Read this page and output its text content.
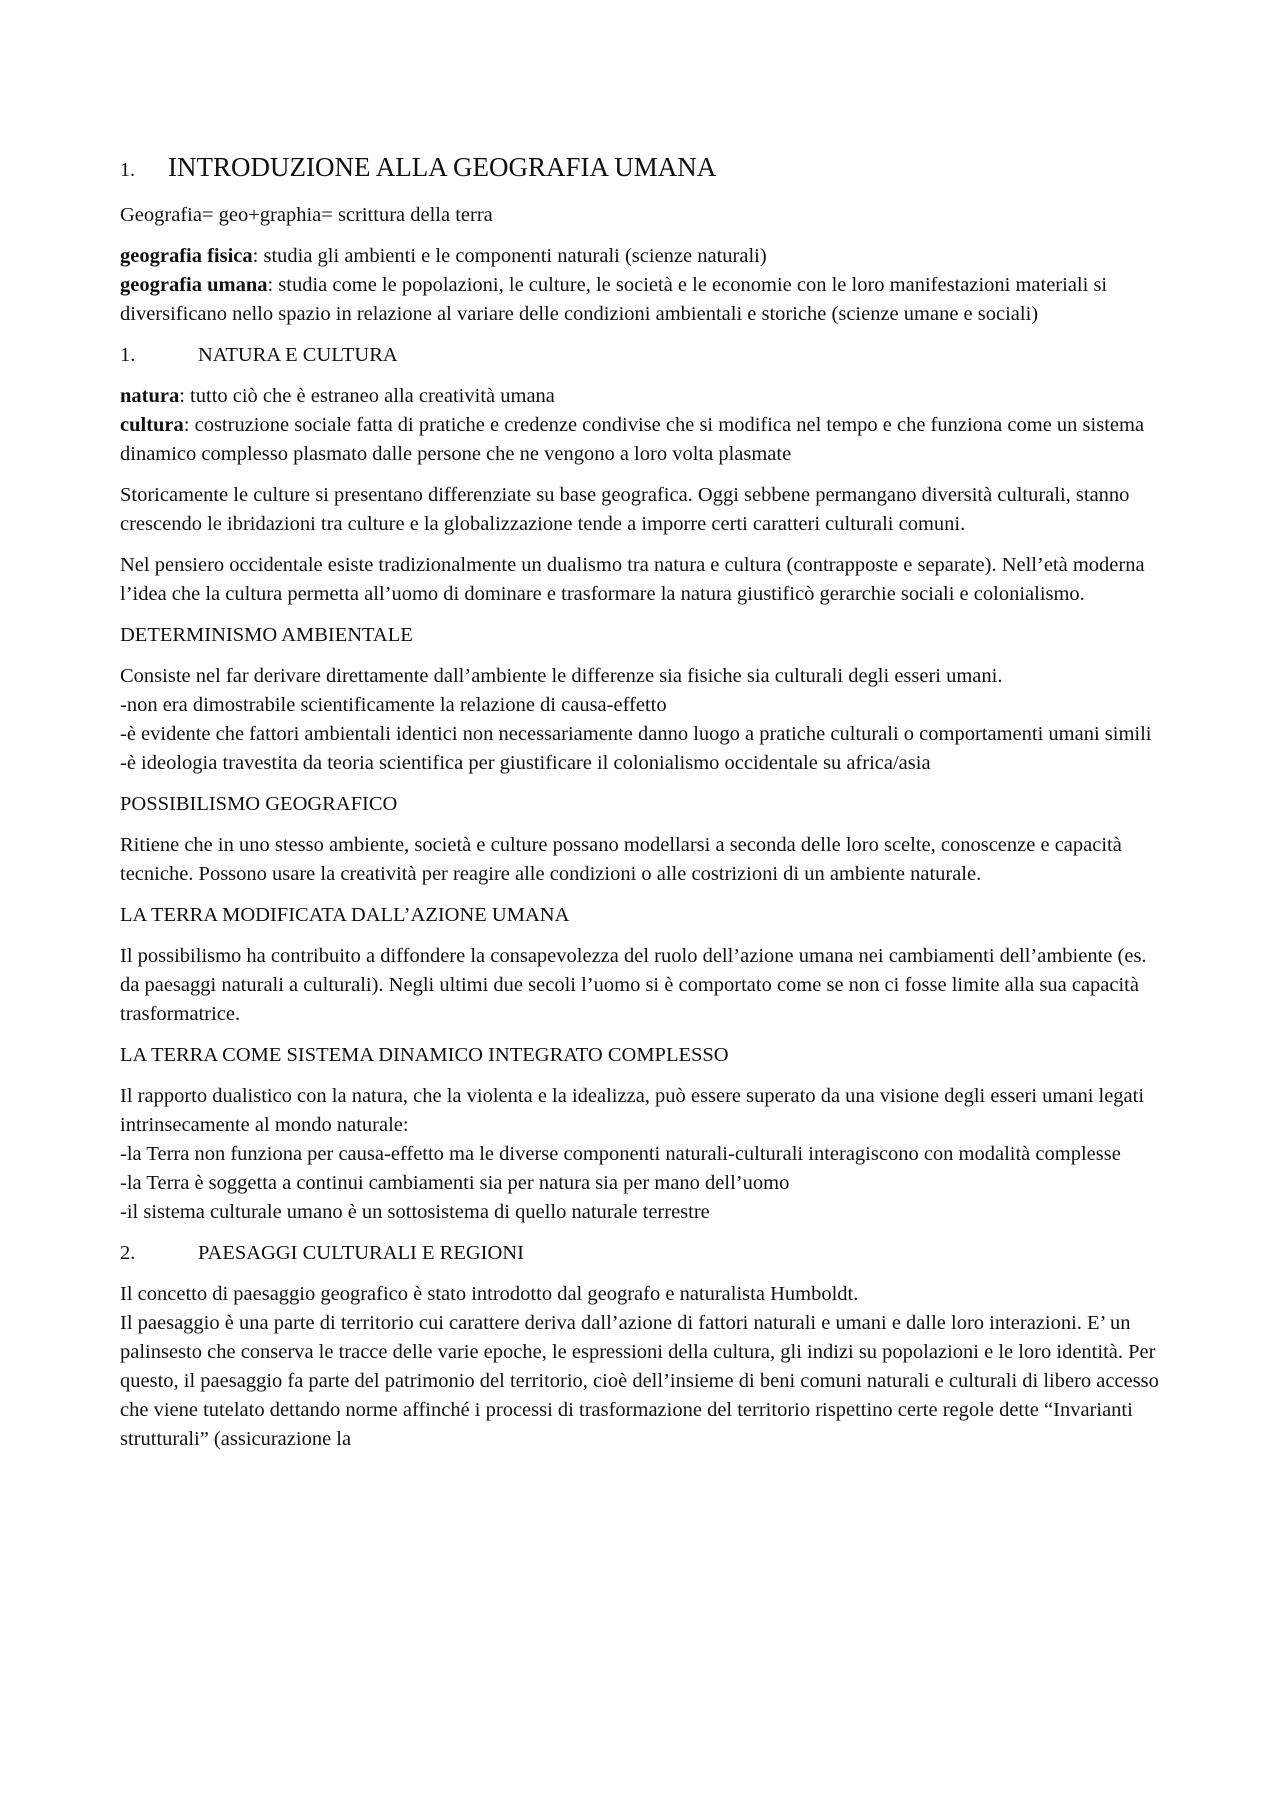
1.	INTRODUZIONE ALLA GEOGRAFIA UMANA

Geografia= geo+graphia= scrittura della terra

geografia fisica: studia gli ambienti e le componenti naturali (scienze naturali)
geografia umana: studia come le popolazioni, le culture, le società e le economie con le loro manifestazioni materiali si diversificano nello spazio in relazione al variare delle condizioni ambientali e storiche (scienze umane e sociali)

1.	NATURA E CULTURA

natura: tutto ciò che è estraneo alla creatività umana

cultura: costruzione sociale fatta di pratiche e credenze condivise che si modifica nel tempo e che funziona come un sistema dinamico complesso plasmato dalle persone che ne vengono a loro volta plasmate

Storicamente le culture si presentano differenziate su base geografica. Oggi sebbene permangano diversità culturali, stanno crescendo le ibridazioni tra culture e la globalizzazione tende a imporre certi caratteri culturali comuni.

Nel pensiero occidentale esiste tradizionalmente un dualismo tra natura e cultura (contrapposte e separate). Nell’età moderna l’idea che la cultura permetta all’uomo di dominare e trasformare la natura giustificò gerarchie sociali e colonialismo.

DETERMINISMO AMBIENTALE

Consiste nel far derivare direttamente dall’ambiente le differenze sia fisiche sia culturali degli esseri umani.
-non era dimostrabile scientificamente la relazione di causa-effetto
-è evidente che fattori ambientali identici non necessariamente danno luogo a pratiche culturali o comportamenti umani simili
-è ideologia travestita da teoria scientifica per giustificare il colonialismo occidentale su africa/asia

POSSIBILISMO GEOGRAFICO

Ritiene che in uno stesso ambiente, società e culture possano modellarsi a seconda delle loro scelte, conoscenze e capacità tecniche. Possono usare la creatività per reagire alle condizioni o alle costrizioni di un ambiente naturale.

LA TERRA MODIFICATA DALL’AZIONE UMANA

Il possibilismo ha contribuito a diffondere la consapevolezza del ruolo dell’azione umana nei cambiamenti dell’ambiente (es. da paesaggi naturali a culturali). Negli ultimi due secoli l’uomo si è comportato come se non ci fosse limite alla sua capacità trasformatrice.

LA TERRA COME SISTEMA DINAMICO INTEGRATO COMPLESSO

Il rapporto dualistico con la natura, che la violenta e la idealizza, può essere superato da una visione degli esseri umani legati intrinsecamente al mondo naturale:
-la Terra non funziona per causa-effetto ma le diverse componenti naturali-culturali interagiscono con modalità complesse
-la Terra è soggetta a continui cambiamenti sia per natura sia per mano dell’uomo
-il sistema culturale umano è un sottosistema di quello naturale terrestre

2.	PAESAGGI CULTURALI E REGIONI

Il concetto di paesaggio geografico è stato introdotto dal geografo e naturalista Humboldt.
Il paesaggio è una parte di territorio cui carattere deriva dall’azione di fattori naturali e umani e dalle loro interazioni. E’ un palinsesto che conserva le tracce delle varie epoche, le espressioni della cultura, gli indizi su popolazioni e le loro identità. Per questo, il paesaggio fa parte del patrimonio del territorio, cioè dell’insieme di beni comuni naturali e culturali di libero accesso che viene tutelato dettando norme affinché i processi di trasformazione del territorio rispettino certe regole dette “Invarianti strutturali” (assicurazione la
